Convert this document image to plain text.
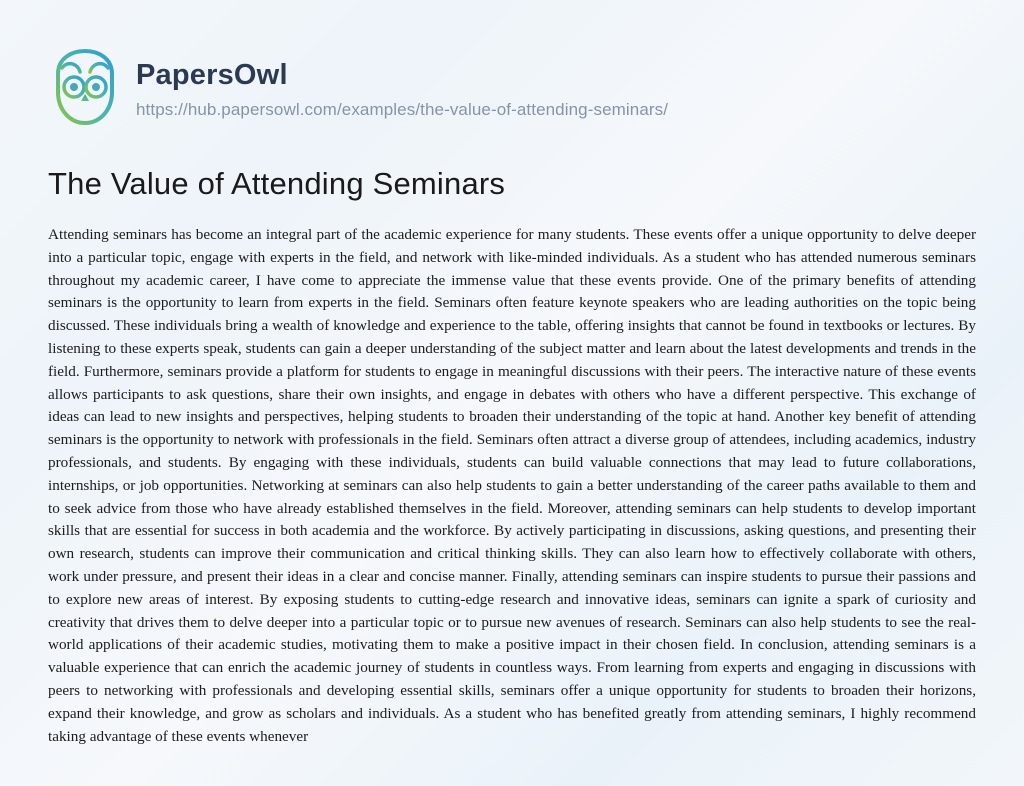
PapersOwl
https://hub.papersowl.com/examples/the-value-of-attending-seminars/
The Value of Attending Seminars

Attending seminars has become an integral part of the academic experience for many students. These events offer a unique opportunity to delve deeper into a particular topic, engage with experts in the field, and network with like-minded individuals. As a student who has attended numerous seminars throughout my academic career, I have come to appreciate the immense value that these events provide. One of the primary benefits of attending seminars is the opportunity to learn from experts in the field. Seminars often feature keynote speakers who are leading authorities on the topic being discussed. These individuals bring a wealth of knowledge and experience to the table, offering insights that cannot be found in textbooks or lectures. By listening to these experts speak, students can gain a deeper understanding of the subject matter and learn about the latest developments and trends in the field. Furthermore, seminars provide a platform for students to engage in meaningful discussions with their peers. The interactive nature of these events allows participants to ask questions, share their own insights, and engage in debates with others who have a different perspective. This exchange of ideas can lead to new insights and perspectives, helping students to broaden their understanding of the topic at hand. Another key benefit of attending seminars is the opportunity to network with professionals in the field. Seminars often attract a diverse group of attendees, including academics, industry professionals, and students. By engaging with these individuals, students can build valuable connections that may lead to future collaborations, internships, or job opportunities. Networking at seminars can also help students to gain a better understanding of the career paths available to them and to seek advice from those who have already established themselves in the field. Moreover, attending seminars can help students to develop important skills that are essential for success in both academia and the workforce. By actively participating in discussions, asking questions, and presenting their own research, students can improve their communication and critical thinking skills. They can also learn how to effectively collaborate with others, work under pressure, and present their ideas in a clear and concise manner. Finally, attending seminars can inspire students to pursue their passions and to explore new areas of interest. By exposing students to cutting-edge research and innovative ideas, seminars can ignite a spark of curiosity and creativity that drives them to delve deeper into a particular topic or to pursue new avenues of research. Seminars can also help students to see the real-world applications of their academic studies, motivating them to make a positive impact in their chosen field. In conclusion, attending seminars is a valuable experience that can enrich the academic journey of students in countless ways. From learning from experts and engaging in discussions with peers to networking with professionals and developing essential skills, seminars offer a unique opportunity for students to broaden their horizons, expand their knowledge, and grow as scholars and individuals. As a student who has benefited greatly from attending seminars, I highly recommend taking advantage of these events whenever
